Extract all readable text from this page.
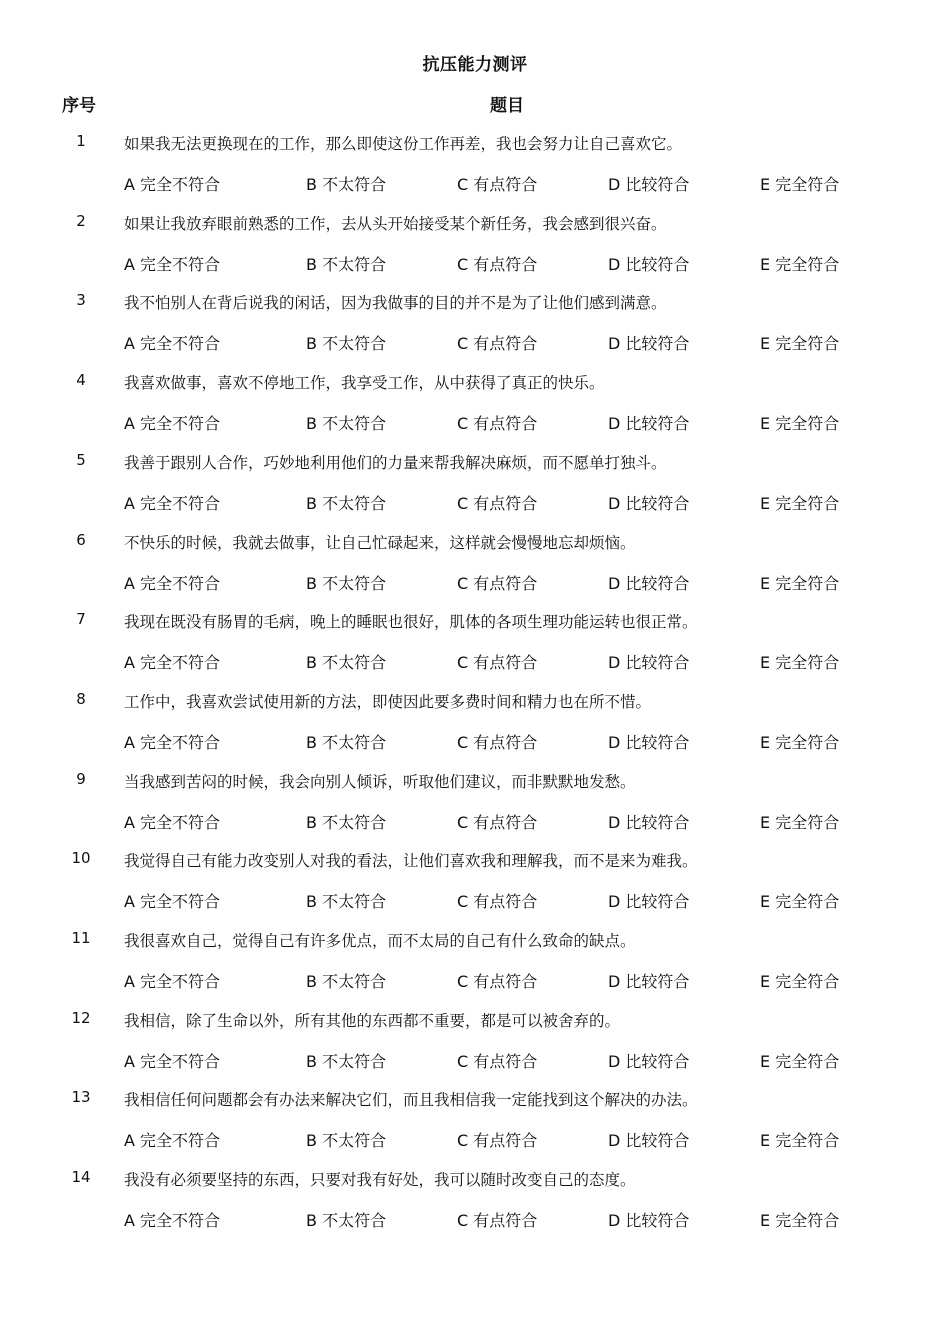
抗压能力测评
序号	题目
1	如果我无法更换现在的工作，那么即使这份工作再差，我也会努力让自己喜欢它。
A 完全不符合	B 不太符合	C 有点符合	D 比较符合	E 完全符合
2	如果让我放弃眼前熟悉的工作，去从头开始接受某个新任务，我会感到很兴奋。
A 完全不符合	B 不太符合	C 有点符合	D 比较符合	E 完全符合
3	我不怕别人在背后说我的闲话，因为我做事的目的并不是为了让他们感到满意。
A 完全不符合	B 不太符合	C 有点符合	D 比较符合	E 完全符合
4	我喜欢做事，喜欢不停地工作，我享受工作，从中获得了真正的快乐。
A 完全不符合	B 不太符合	C 有点符合	D 比较符合	E 完全符合
5	我善于跟别人合作，巧妙地利用他们的力量来帮我解决麻烦，而不愿单打独斗。
A 完全不符合	B 不太符合	C 有点符合	D 比较符合	E 完全符合
6	不快乐的时候，我就去做事，让自己忙碌起来，这样就会慢慢地忘却烦恼。
A 完全不符合	B 不太符合	C 有点符合	D 比较符合	E 完全符合
7	我现在既没有肠胃的毛病，晚上的睡眠也很好，肌体的各项生理功能运转也很正常。
A 完全不符合	B 不太符合	C 有点符合	D 比较符合	E 完全符合
8	工作中，我喜欢尝试使用新的方法，即使因此要多费时间和精力也在所不惜。
A 完全不符合	B 不太符合	C 有点符合	D 比较符合	E 完全符合
9	当我感到苦闷的时候，我会向别人倾诉，听取他们建议，而非默默地发愁。
A 完全不符合	B 不太符合	C 有点符合	D 比较符合	E 完全符合
10	我觉得自己有能力改变别人对我的看法，让他们喜欢我和理解我，而不是来为难我。
A 完全不符合	B 不太符合	C 有点符合	D 比较符合	E 完全符合
11	我很喜欢自己，觉得自己有许多优点，而不太局的自己有什么致命的缺点。
A 完全不符合	B 不太符合	C 有点符合	D 比较符合	E 完全符合
12	我相信，除了生命以外，所有其他的东西都不重要，都是可以被舍弃的。
A 完全不符合	B 不太符合	C 有点符合	D 比较符合	E 完全符合
13	我相信任何问题都会有办法来解决它们，而且我相信我一定能找到这个解决的办法。
A 完全不符合	B 不太符合	C 有点符合	D 比较符合	E 完全符合
14	我没有必须要坚持的东西，只要对我有好处，我可以随时改变自己的态度。
A 完全不符合	B 不太符合	C 有点符合	D 比较符合	E 完全符合
